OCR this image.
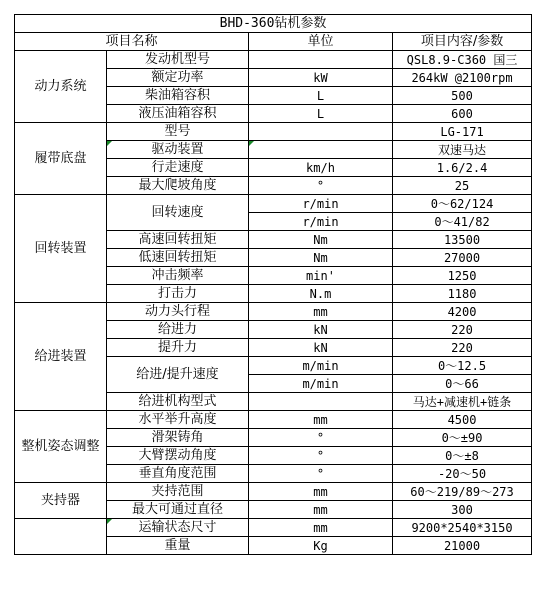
BHD-360钻机参数			
项目名称		单位	项目内容/参数
动力系统	发动机型号		QSL8.9-C360 国三
	额定功率	kW	264kW @2100rpm
	柴油箱容积	L	500
	液压油箱容积	L	600
履带底盘	型号		LG-171
	驱动装置		双速马达
	行走速度	km/h	1.6/2.4
	最大爬坡角度	°	25
回转装置	回转速度	r/min	0～62/124
		r/min	0～41/82
	高速回转扭矩	Nm	13500
	低速回转扭矩	Nm	27000
	冲击频率	min'	1250
	打击力	N.m	1180
给进装置	动力头行程	mm	4200
	给进力	kN	220
	提升力	kN	220
	给进/提升速度	m/min	0～12.5
		m/min	0～66
	给进机构型式		马达+减速机+链条
整机姿态调整	水平举升高度	mm	4500
	滑架铸角	°	0～±90
	大臂摆动角度	°	0～±8
	垂直角度范围	°	-20～50
夹持器	夹持范围	mm	60～219/89～273
	最大可通过直径	mm	300
	运输状态尺寸	mm	9200*2540*3150
	重量	Kg	21000
